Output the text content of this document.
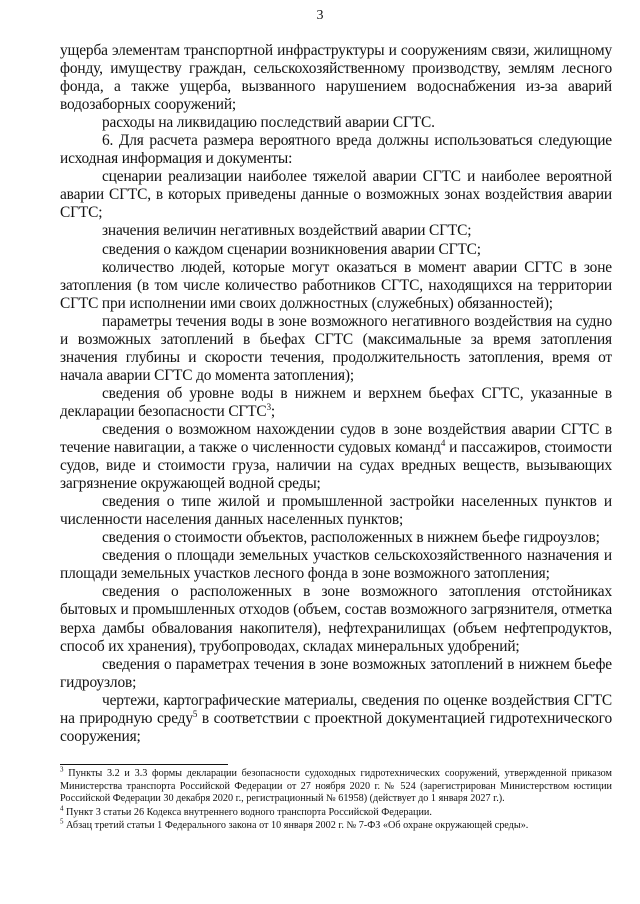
3

ущерба элементам транспортной инфраструктуры и сооружениям связи, жилищному фонду, имуществу граждан, сельскохозяйственному производству, землям лесного фонда, а также ущерба, вызванного нарушением водоснабжения из-за аварий водозаборных сооружений;

расходы на ликвидацию последствий аварии СГТС.

6. Для расчета размера вероятного вреда должны использоваться следующие исходная информация и документы:

сценарии реализации наиболее тяжелой аварии СГТС и наиболее вероятной аварии СГТС, в которых приведены данные о возможных зонах воздействия аварии СГТС;

значения величин негативных воздействий аварии СГТС;

сведения о каждом сценарии возникновения аварии СГТС;

количество людей, которые могут оказаться в момент аварии СГТС в зоне затопления (в том числе количество работников СГТС, находящихся на территории СГТС при исполнении ими своих должностных (служебных) обязанностей);

параметры течения воды в зоне возможного негативного воздействия на судно и возможных затоплений в бьефах СГТС (максимальные за время затопления значения глубины и скорости течения, продолжительность затопления, время от начала аварии СГТС до момента затопления);

сведения об уровне воды в нижнем и верхнем бьефах СГТС, указанные в декларации безопасности СГТС$^3$;

сведения о возможном нахождении судов в зоне воздействия аварии СГТС в течение навигации, а также о численности судовых команд$^4$ и пассажиров, стоимости судов, виде и стоимости груза, наличии на судах вредных веществ, вызывающих загрязнение окружающей водной среды;

сведения о типе жилой и промышленной застройки населенных пунктов и численности населения данных населенных пунктов;

сведения о стоимости объектов, расположенных в нижнем бьефе гидроузлов;

сведения о площади земельных участков сельскохозяйственного назначения и площади земельных участков лесного фонда в зоне возможного затопления;

сведения о расположенных в зоне возможного затопления отстойниках бытовых и промышленных отходов (объем, состав возможного загрязнителя, отметка верха дамбы обвалования накопителя), нефтехранилищах (объем нефтепродуктов, способ их хранения), трубопроводах, складах минеральных удобрений;

сведения о параметрах течения в зоне возможных затоплений в нижнем бьефе гидроузлов;

чертежи, картографические материалы, сведения по оценке воздействия СГТС на природную среду$^5$ в соответствии с проектной документацией гидротехнического сооружения;

$^3$ Пункты 3.2 и 3.3 формы декларации безопасности судоходных гидротехнических сооружений, утвержденной приказом Министерства транспорта Российской Федерации от 27 ноября 2020 г. № 524 (зарегистрирован Министерством юстиции Российской Федерации 30 декабря 2020 г., регистрационный № 61958) (действует до 1 января 2027 г.).

$^4$ Пункт 3 статьи 26 Кодекса внутреннего водного транспорта Российской Федерации.

$^5$ Абзац третий статьи 1 Федерального закона от 10 января 2002 г. № 7-ФЗ «Об охране окружающей среды».
